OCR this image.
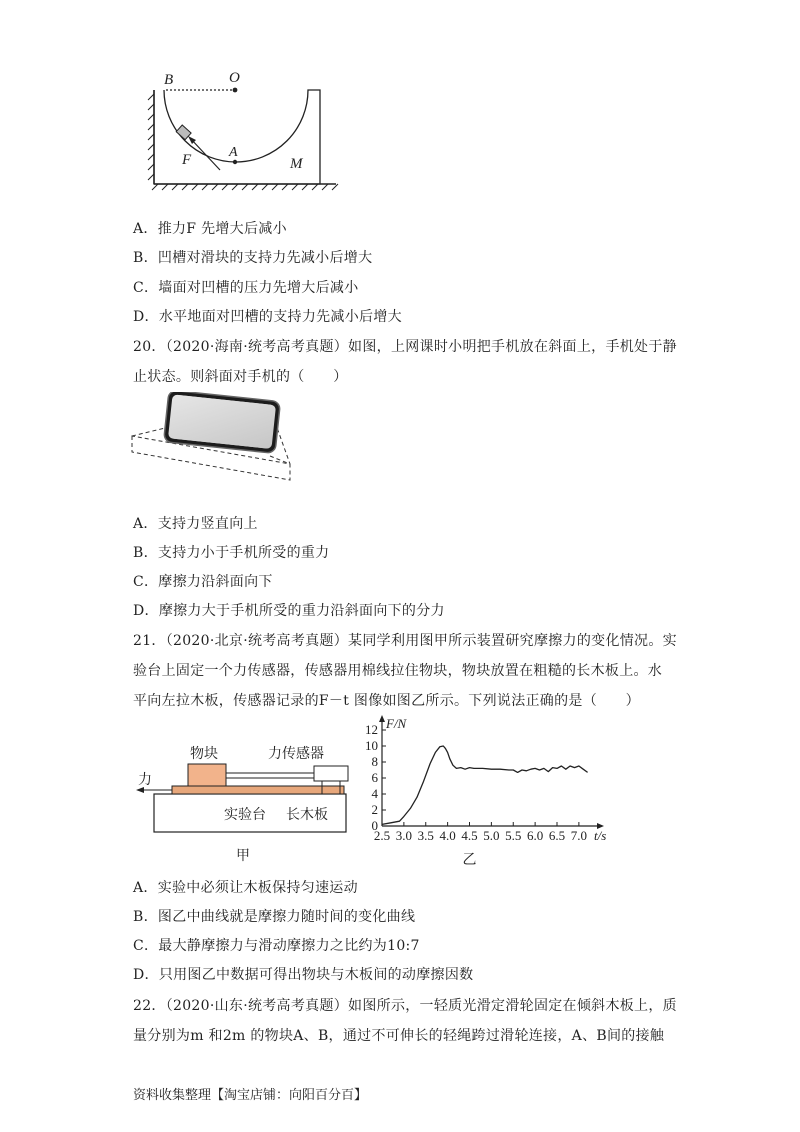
B	O
F	A
M
A．推力F 先增大后减小
B．凹槽对滑块的支持力先减小后增大
C．墙面对凹槽的压力先增大后减小
D．水平地面对凹槽的支持力先减小后增大
20．（2020·海南·统考高考真题）如图，上网课时小明把手机放在斜面上，手机处于静
止状态。则斜面对手机的（　　）
A．支持力竖直向上
B．支持力小于手机所受的重力
C．摩擦力沿斜面向下
D．摩擦力大于手机所受的重力沿斜面向下的分力
21．（2020·北京·统考高考真题）某同学利用图甲所示装置研究摩擦力的变化情况。实
验台上固定一个力传感器，传感器用棉线拉住物块，物块放置在粗糙的长木板上。水
平向左拉木板，传感器记录的F－t 图像如图乙所示。下列说法正确的是（　　）
物块	力传感器
力
实验台 长木板
甲
0
2
4
6
8
10
12
2.5 3.0 3.5 4.0 4.5 5.0 5.5 6.0 6.5 7.0 t/s
F/N
乙
A．实验中必须让木板保持匀速运动
B．图乙中曲线就是摩擦力随时间的变化曲线
C．最大静摩擦力与滑动摩擦力之比约为10:7
D．只用图乙中数据可得出物块与木板间的动摩擦因数
22．（2020·山东·统考高考真题）如图所示，一轻质光滑定滑轮固定在倾斜木板上，质
量分别为m 和2m 的物块A、B，通过不可伸长的轻绳跨过滑轮连接，A、B间的接触
资料收集整理【淘宝店铺：向阳百分百】
